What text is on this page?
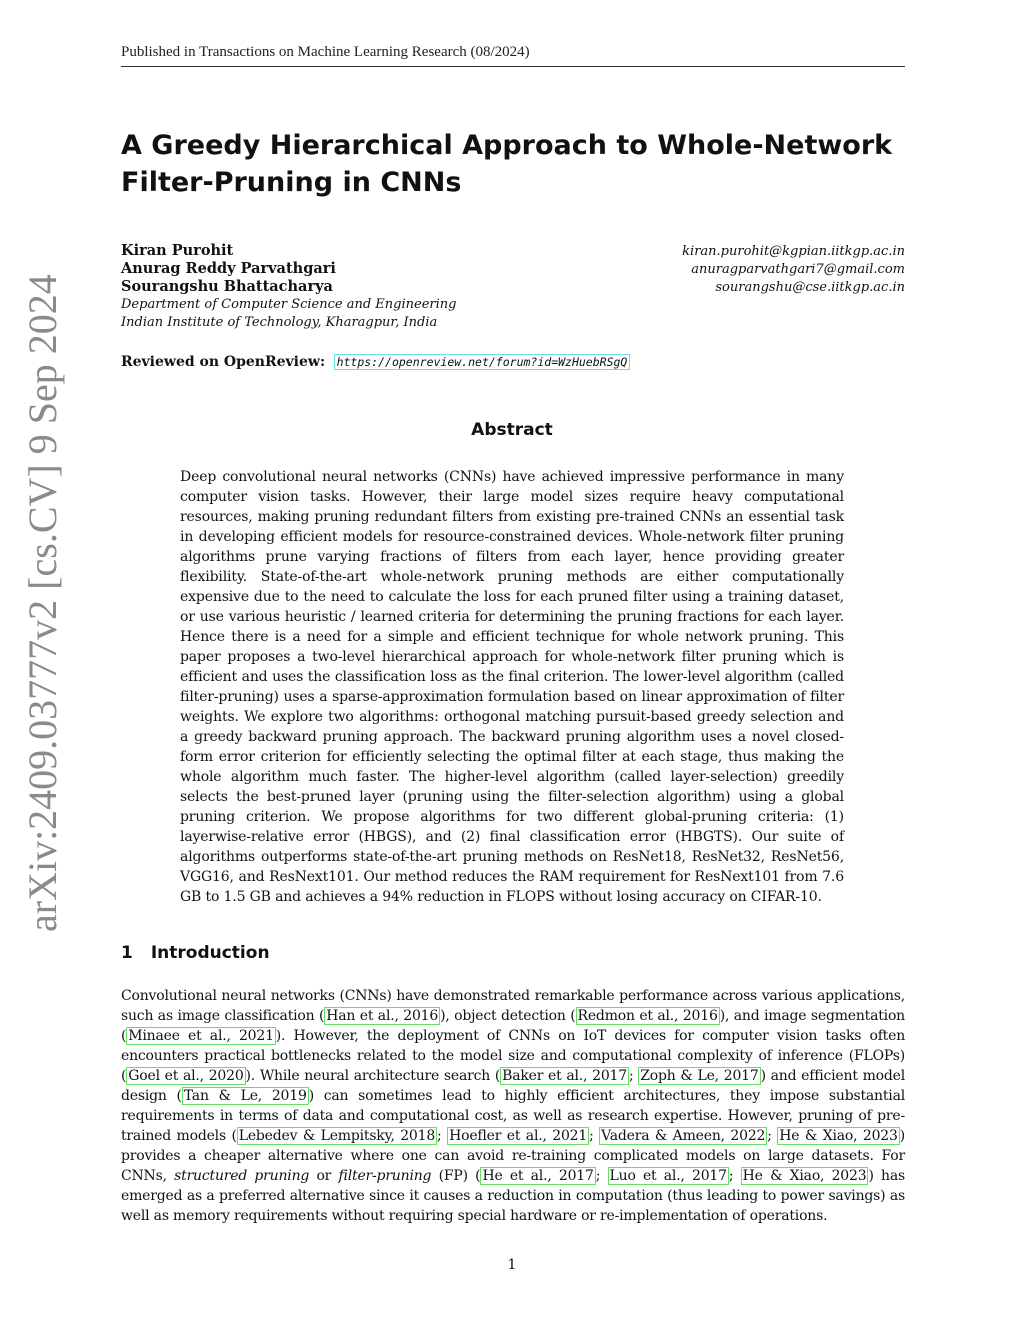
Published in Transactions on Machine Learning Research (08/2024)
arXiv:2409.03777v2 [cs.CV] 9 Sep 2024
A Greedy Hierarchical Approach to Whole-Network Filter-Pruning in CNNs
Kiran Purohit	kiran.purohit@kgpian.iitkgp.ac.in
Anurag Reddy Parvathgari	anuragparvathgari7@gmail.com
Sourangshu Bhattacharya	sourangshu@cse.iitkgp.ac.in
Department of Computer Science and Engineering
Indian Institute of Technology, Kharagpur, India
Reviewed on OpenReview: https://openreview.net/forum?id=WzHuebRSgQ
Abstract

Deep convolutional neural networks (CNNs) have achieved impressive performance in many computer vision tasks. However, their large model sizes require heavy computational resources, making pruning redundant filters from existing pre-trained CNNs an essential task in developing efficient models for resource-constrained devices. Whole-network filter pruning algorithms prune varying fractions of filters from each layer, hence providing greater flexibility. State-of-the-art whole-network pruning methods are either computationally expensive due to the need to calculate the loss for each pruned filter using a training dataset, or use various heuristic / learned criteria for determining the pruning fractions for each layer. Hence there is a need for a simple and efficient technique for whole network pruning. This paper proposes a two-level hierarchical approach for whole-network filter pruning which is efficient and uses the classification loss as the final criterion. The lower-level algorithm (called filter-pruning) uses a sparse-approximation formulation based on linear approximation of filter weights. We explore two algorithms: orthogonal matching pursuit-based greedy selection and a greedy backward pruning approach. The backward pruning algorithm uses a novel closed-form error criterion for efficiently selecting the optimal filter at each stage, thus making the whole algorithm much faster. The higher-level algorithm (called layer-selection) greedily selects the best-pruned layer (pruning using the filter-selection algorithm) using a global pruning criterion. We propose algorithms for two different global-pruning criteria: (1) layerwise-relative error (HBGS), and (2) final classification error (HBGTS). Our suite of algorithms outperforms state-of-the-art pruning methods on ResNet18, ResNet32, ResNet56, VGG16, and ResNext101. Our method reduces the RAM requirement for ResNext101 from 7.6 GB to 1.5 GB and achieves a 94% reduction in FLOPS without losing accuracy on CIFAR-10.

1 Introduction

Convolutional neural networks (CNNs) have demonstrated remarkable performance across various applications, such as image classification ( Han et al., 2016 ), object detection ( Redmon et al., 2016 ), and image segmentation ( Minaee et al., 2021 ). However, the deployment of CNNs on IoT devices for computer vision tasks often encounters practical bottlenecks related to the model size and computational complexity of inference (FLOPs) ( Goel et al., 2020 ). While neural architecture search ( Baker et al., 2017 ; Zoph & Le, 2017 ) and efficient model design ( Tan & Le, 2019 ) can sometimes lead to highly efficient architectures, they impose substantial requirements in terms of data and computational cost, as well as research expertise. However, pruning of pre-trained models ( Lebedev & Lempitsky, 2018 ; Hoefler et al., 2021 ; Vadera & Ameen, 2022 ; He & Xiao, 2023 ) provides a cheaper alternative where one can avoid re-training complicated models on large datasets. For CNNs, structured pruning or filter-pruning (FP) ( He et al., 2017 ; Luo et al., 2017 ; He & Xiao, 2023 ) has emerged as a preferred alternative since it causes a reduction in computation (thus leading to power savings) as well as memory requirements without requiring special hardware or re-implementation of operations.

1
